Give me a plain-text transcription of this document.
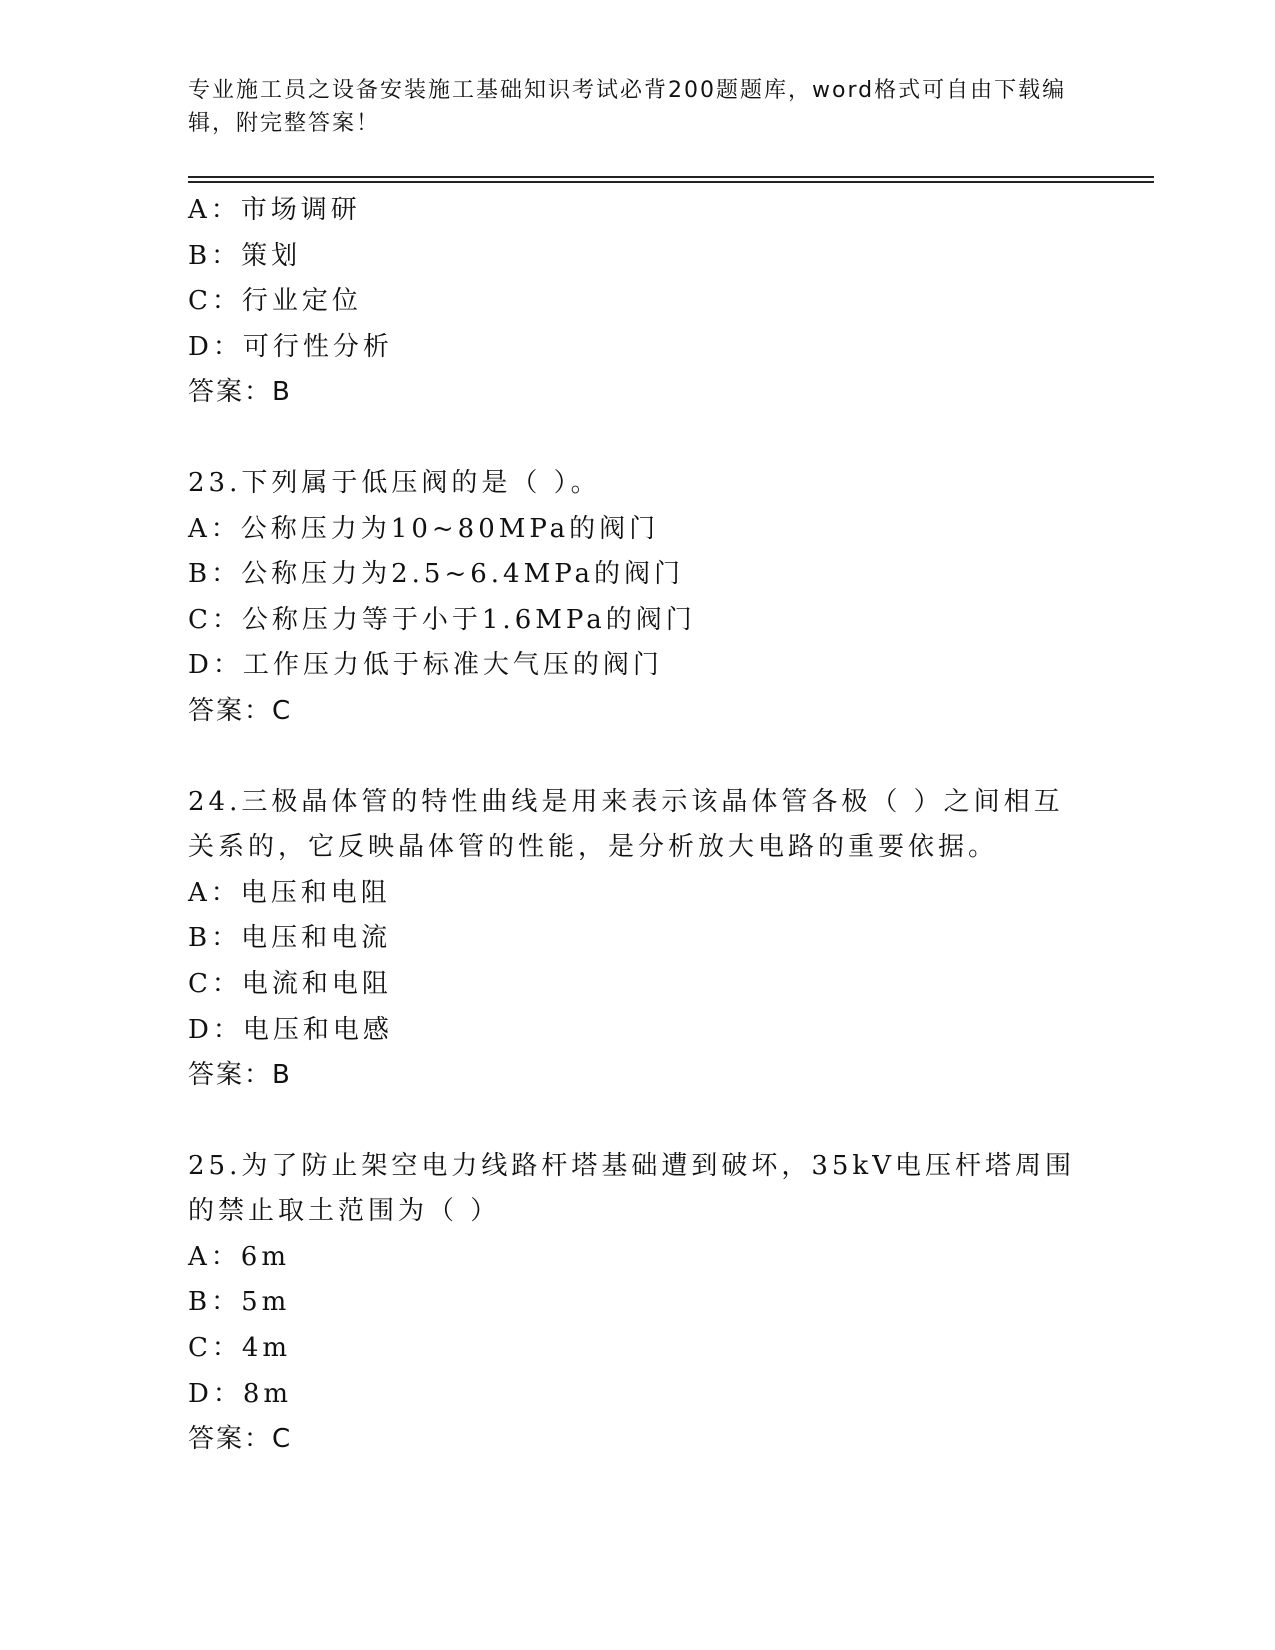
专业施工员之设备安装施工基础知识考试必背200题题库，word格式可自由下载编辑，附完整答案！
A：市场调研
B：策划
C：行业定位
D：可行性分析
答案：B
23.下列属于低压阀的是（ ）。
A：公称压力为10~80MPa的阀门
B：公称压力为2.5~6.4MPa的阀门
C：公称压力等于小于1.6MPa的阀门
D：工作压力低于标准大气压的阀门
答案：C
24.三极晶体管的特性曲线是用来表示该晶体管各极（ ）之间相互关系的，它反映晶体管的性能，是分析放大电路的重要依据。
A：电压和电阻
B：电压和电流
C：电流和电阻
D：电压和电感
答案：B
25.为了防止架空电力线路杆塔基础遭到破坏，35kV电压杆塔周围的禁止取土范围为（ ）
A：6m
B：5m
C：4m
D：8m
答案：C
